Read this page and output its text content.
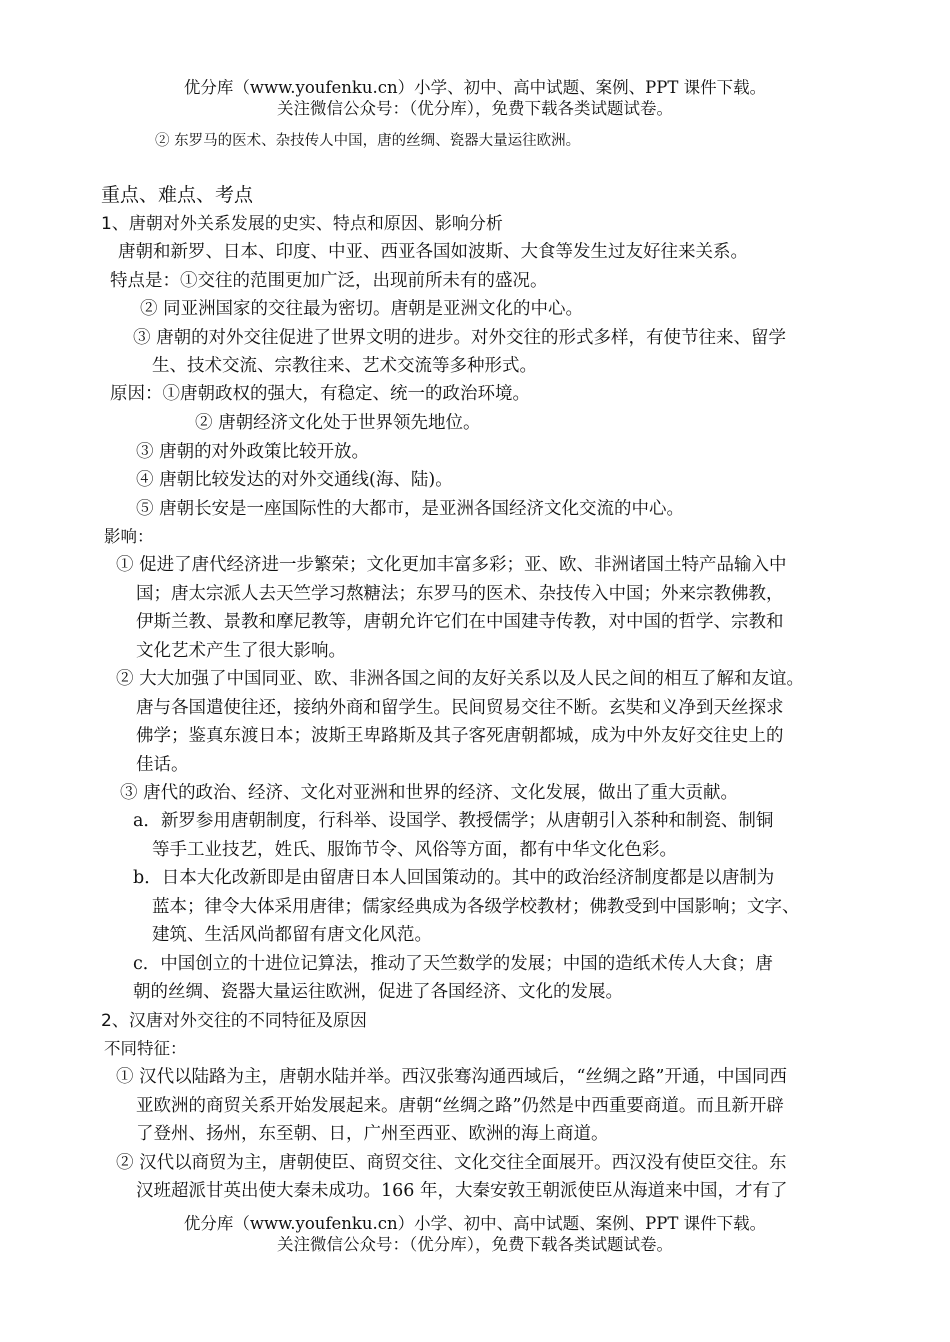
优分库（www.youfenku.cn）小学、初中、高中试题、案例、PPT 课件下载。
关注微信公众号：（优分库），免费下载各类试题试卷。
② 东罗马的医术、杂技传人中国，唐的丝绸、瓷器大量运往欧洲。
重点、难点、考点
1、唐朝对外关系发展的史实、特点和原因、影响分析
唐朝和新罗、日本、印度、中亚、西亚各国如波斯、大食等发生过友好往来关系。
特点是：①交往的范围更加广泛，出现前所未有的盛况。
② 同亚洲国家的交往最为密切。唐朝是亚洲文化的中心。
③ 唐朝的对外交往促进了世界文明的进步。对外交往的形式多样，有使节往来、留学
生、技术交流、宗教往来、艺术交流等多种形式。
原因：①唐朝政权的强大，有稳定、统一的政治环境。
② 唐朝经济文化处于世界领先地位。
③ 唐朝的对外政策比较开放。
④ 唐朝比较发达的对外交通线(海、陆)。
⑤ 唐朝长安是一座国际性的大都市，是亚洲各国经济文化交流的中心。
影响：
① 促进了唐代经济进一步繁荣；文化更加丰富多彩；亚、欧、非洲诸国土特产品输入中
国；唐太宗派人去天竺学习熬糖法；东罗马的医术、杂技传入中国；外来宗教佛教，
伊斯兰教、景教和摩尼教等，唐朝允许它们在中国建寺传教，对中国的哲学、宗教和
文化艺术产生了很大影响。
② 大大加强了中国同亚、欧、非洲各国之间的友好关系以及人民之间的相互了解和友谊。
唐与各国遣使往还，接纳外商和留学生。民间贸易交往不断。玄奘和义净到天丝探求
佛学；鉴真东渡日本；波斯王卑路斯及其子客死唐朝都城，成为中外友好交往史上的
佳话。
③ 唐代的政治、经济、文化对亚洲和世界的经济、文化发展，做出了重大贡献。
a．新罗参用唐朝制度，行科举、设国学、教授儒学；从唐朝引入茶种和制瓷、制铜
等手工业技艺，姓氏、服饰节令、风俗等方面，都有中华文化色彩。
b．日本大化改新即是由留唐日本人回国策动的。其中的政治经济制度都是以唐制为
蓝本；律令大体采用唐律；儒家经典成为各级学校教材；佛教受到中国影响；文字、
建筑、生活风尚都留有唐文化风范。
c．中国创立的十进位记算法，推动了天竺数学的发展；中国的造纸术传人大食；唐
朝的丝绸、瓷器大量运往欧洲，促进了各国经济、文化的发展。
2、汉唐对外交往的不同特征及原因
不同特征：
① 汉代以陆路为主，唐朝水陆并举。西汉张骞沟通西域后，“丝绸之路”开通，中国同西
亚欧洲的商贸关系开始发展起来。唐朝“丝绸之路”仍然是中西重要商道。而且新开辟
了登州、扬州，东至朝、日，广州至西亚、欧洲的海上商道。
② 汉代以商贸为主，唐朝使臣、商贸交往、文化交往全面展开。西汉没有使臣交往。东
汉班超派甘英出使大秦未成功。166 年，大秦安敦王朝派使臣从海道来中国，才有了
优分库（www.youfenku.cn）小学、初中、高中试题、案例、PPT 课件下载。
关注微信公众号：（优分库），免费下载各类试题试卷。
